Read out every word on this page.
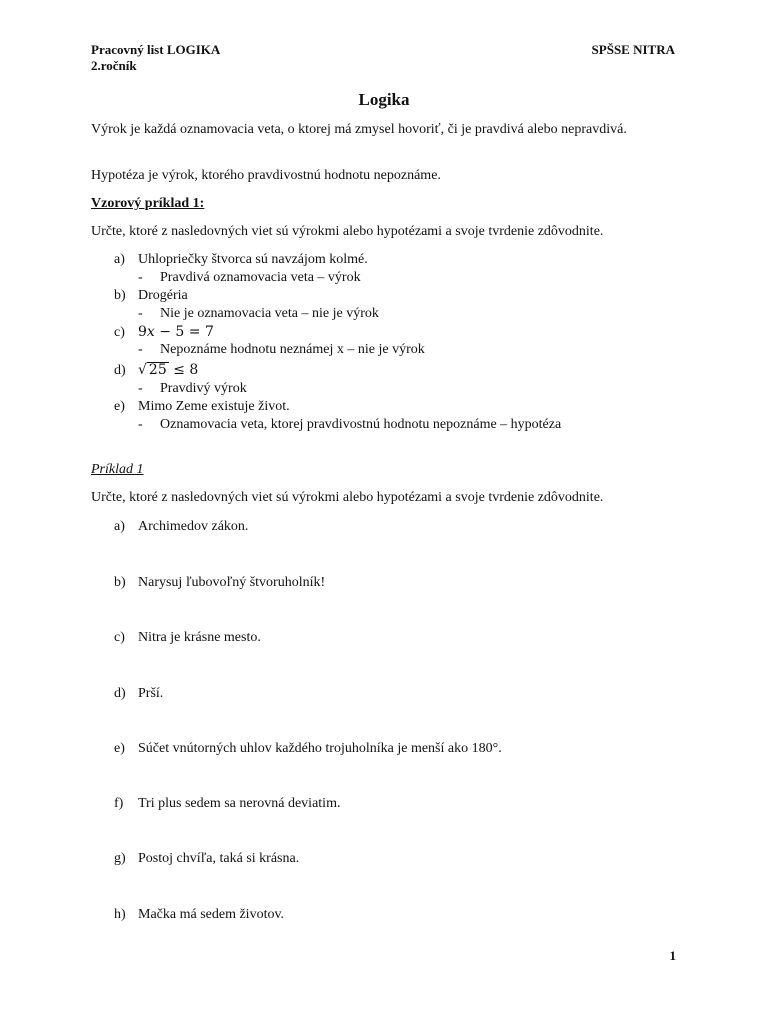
Pracovný list LOGIKA
2.ročník
SPŠSE NITRA
Logika
Výrok je každá oznamovacia veta, o ktorej má zmysel hovoriť, či je pravdivá alebo nepravdivá.
Hypotéza je výrok, ktorého pravdivostnú hodnotu nepoznáme.
Vzorový príklad 1:
Určte, ktoré z nasledovných viet sú výrokmi alebo hypotézami a svoje tvrdenie zdôvodnite.
a) Uhlopriečky štvorca sú navzájom kolmé.
- Pravdivá oznamovacia veta – výrok
b) Drogéria
- Nie je oznamovacia veta – nie je výrok
c) 9𝑥 − 5 = 7
- Nepoznáme hodnotu neznámej x – nie je výrok
d) √ 25 ≤ 8
- Pravdivý výrok
e) Mimo Zeme existuje život.
- Oznamovacia veta, ktorej pravdivostnú hodnotu nepoznáme – hypotéza
Príklad 1
Určte, ktoré z nasledovných viet sú výrokmi alebo hypotézami a svoje tvrdenie zdôvodnite.
a) Archimedov zákon.
b) Narysuj ľubovoľný štvoruholník!
c) Nitra je krásne mesto.
d) Prší.
e) Súčet vnútorných uhlov každého trojuholníka je menší ako 180°.
f) Tri plus sedem sa nerovná deviatim.
g) Postoj chvíľa, taká si krásna.
h) Mačka má sedem životov.
1
